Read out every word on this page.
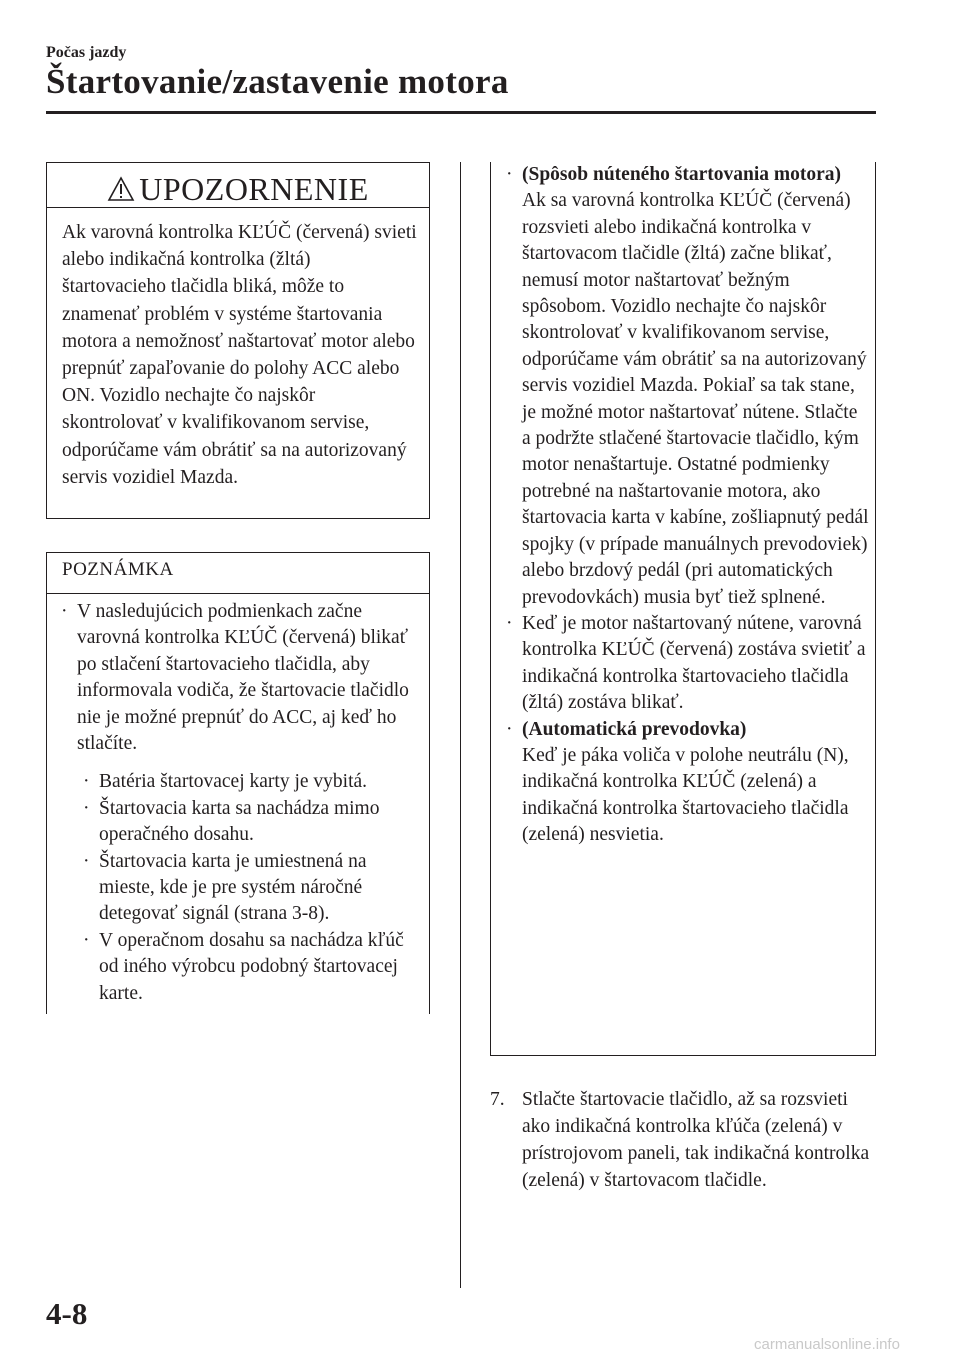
Počas jazdy
Štartovanie/zastavenie motora
UPOZORNENIE

Ak varovná kontrolka KĽÚČ (červená) svieti alebo indikačná kontrolka (žltá) štartovacieho tlačidla bliká, môže to znamenať problém v systéme štartovania motora a nemožnosť naštartovať motor alebo prepnúť zapaľovanie do polohy ACC alebo ON. Vozidlo nechajte čo najskôr skontrolovať v kvalifikovanom servise, odporúčame vám obrátiť sa na autorizovaný servis vozidiel Mazda.

POZNÁMKA
· V nasledujúcich podmienkach začne varovná kontrolka KĽÚČ (červená) blikať po stlačení štartovacieho tlačidla, aby informovala vodiča, že štartovacie tlačidlo nie je možné prepnúť do ACC, aj keď ho stlačíte.

· Batéria štartovacej karty je vybitá.

· Štartovacia karta sa nachádza mimo operačného dosahu.

· Štartovacia karta je umiestnená na mieste, kde je pre systém náročné detegovať signál (strana 3-8).

· V operačnom dosahu sa nachádza kľúč od iného výrobcu podobný štartovacej karte.

· (Spôsob núteného štartovania motora)

Ak sa varovná kontrolka KĽÚČ (červená) rozsvieti alebo indikačná kontrolka v štartovacom tlačidle (žltá) začne blikať, nemusí motor naštartovať bežným spôsobom. Vozidlo nechajte čo najskôr skontrolovať v kvalifikovanom servise, odporúčame vám obrátiť sa na autorizovaný servis vozidiel Mazda. Pokiaľ sa tak stane, je možné motor naštartovať nútene. Stlačte a podržte stlačené štartovacie tlačidlo, kým motor nenaštartuje. Ostatné podmienky potrebné na naštartovanie motora, ako štartovacia karta v kabíne, zošliapnutý pedál spojky (v prípade manuálnych prevodoviek) alebo brzdový pedál (pri automatických prevodovkách) musia byť tiež splnené.

· Keď je motor naštartovaný nútene, varovná kontrolka KĽÚČ (červená) zostáva svietiť a indikačná kontrolka štartovacieho tlačidla (žltá) zostáva blikať.

· (Automatická prevodovka)

Keď je páka voliča v polohe neutrálu (N), indikačná kontrolka KĽÚČ (zelená) a indikačná kontrolka štartovacieho tlačidla (zelená) nesvietia.

7. Stlačte štartovacie tlačidlo, až sa rozsvieti ako indikačná kontrolka kľúča (zelená) v prístrojovom paneli, tak indikačná kontrolka (zelená) v štartovacom tlačidle.
4-8
carmanualsonline.info
